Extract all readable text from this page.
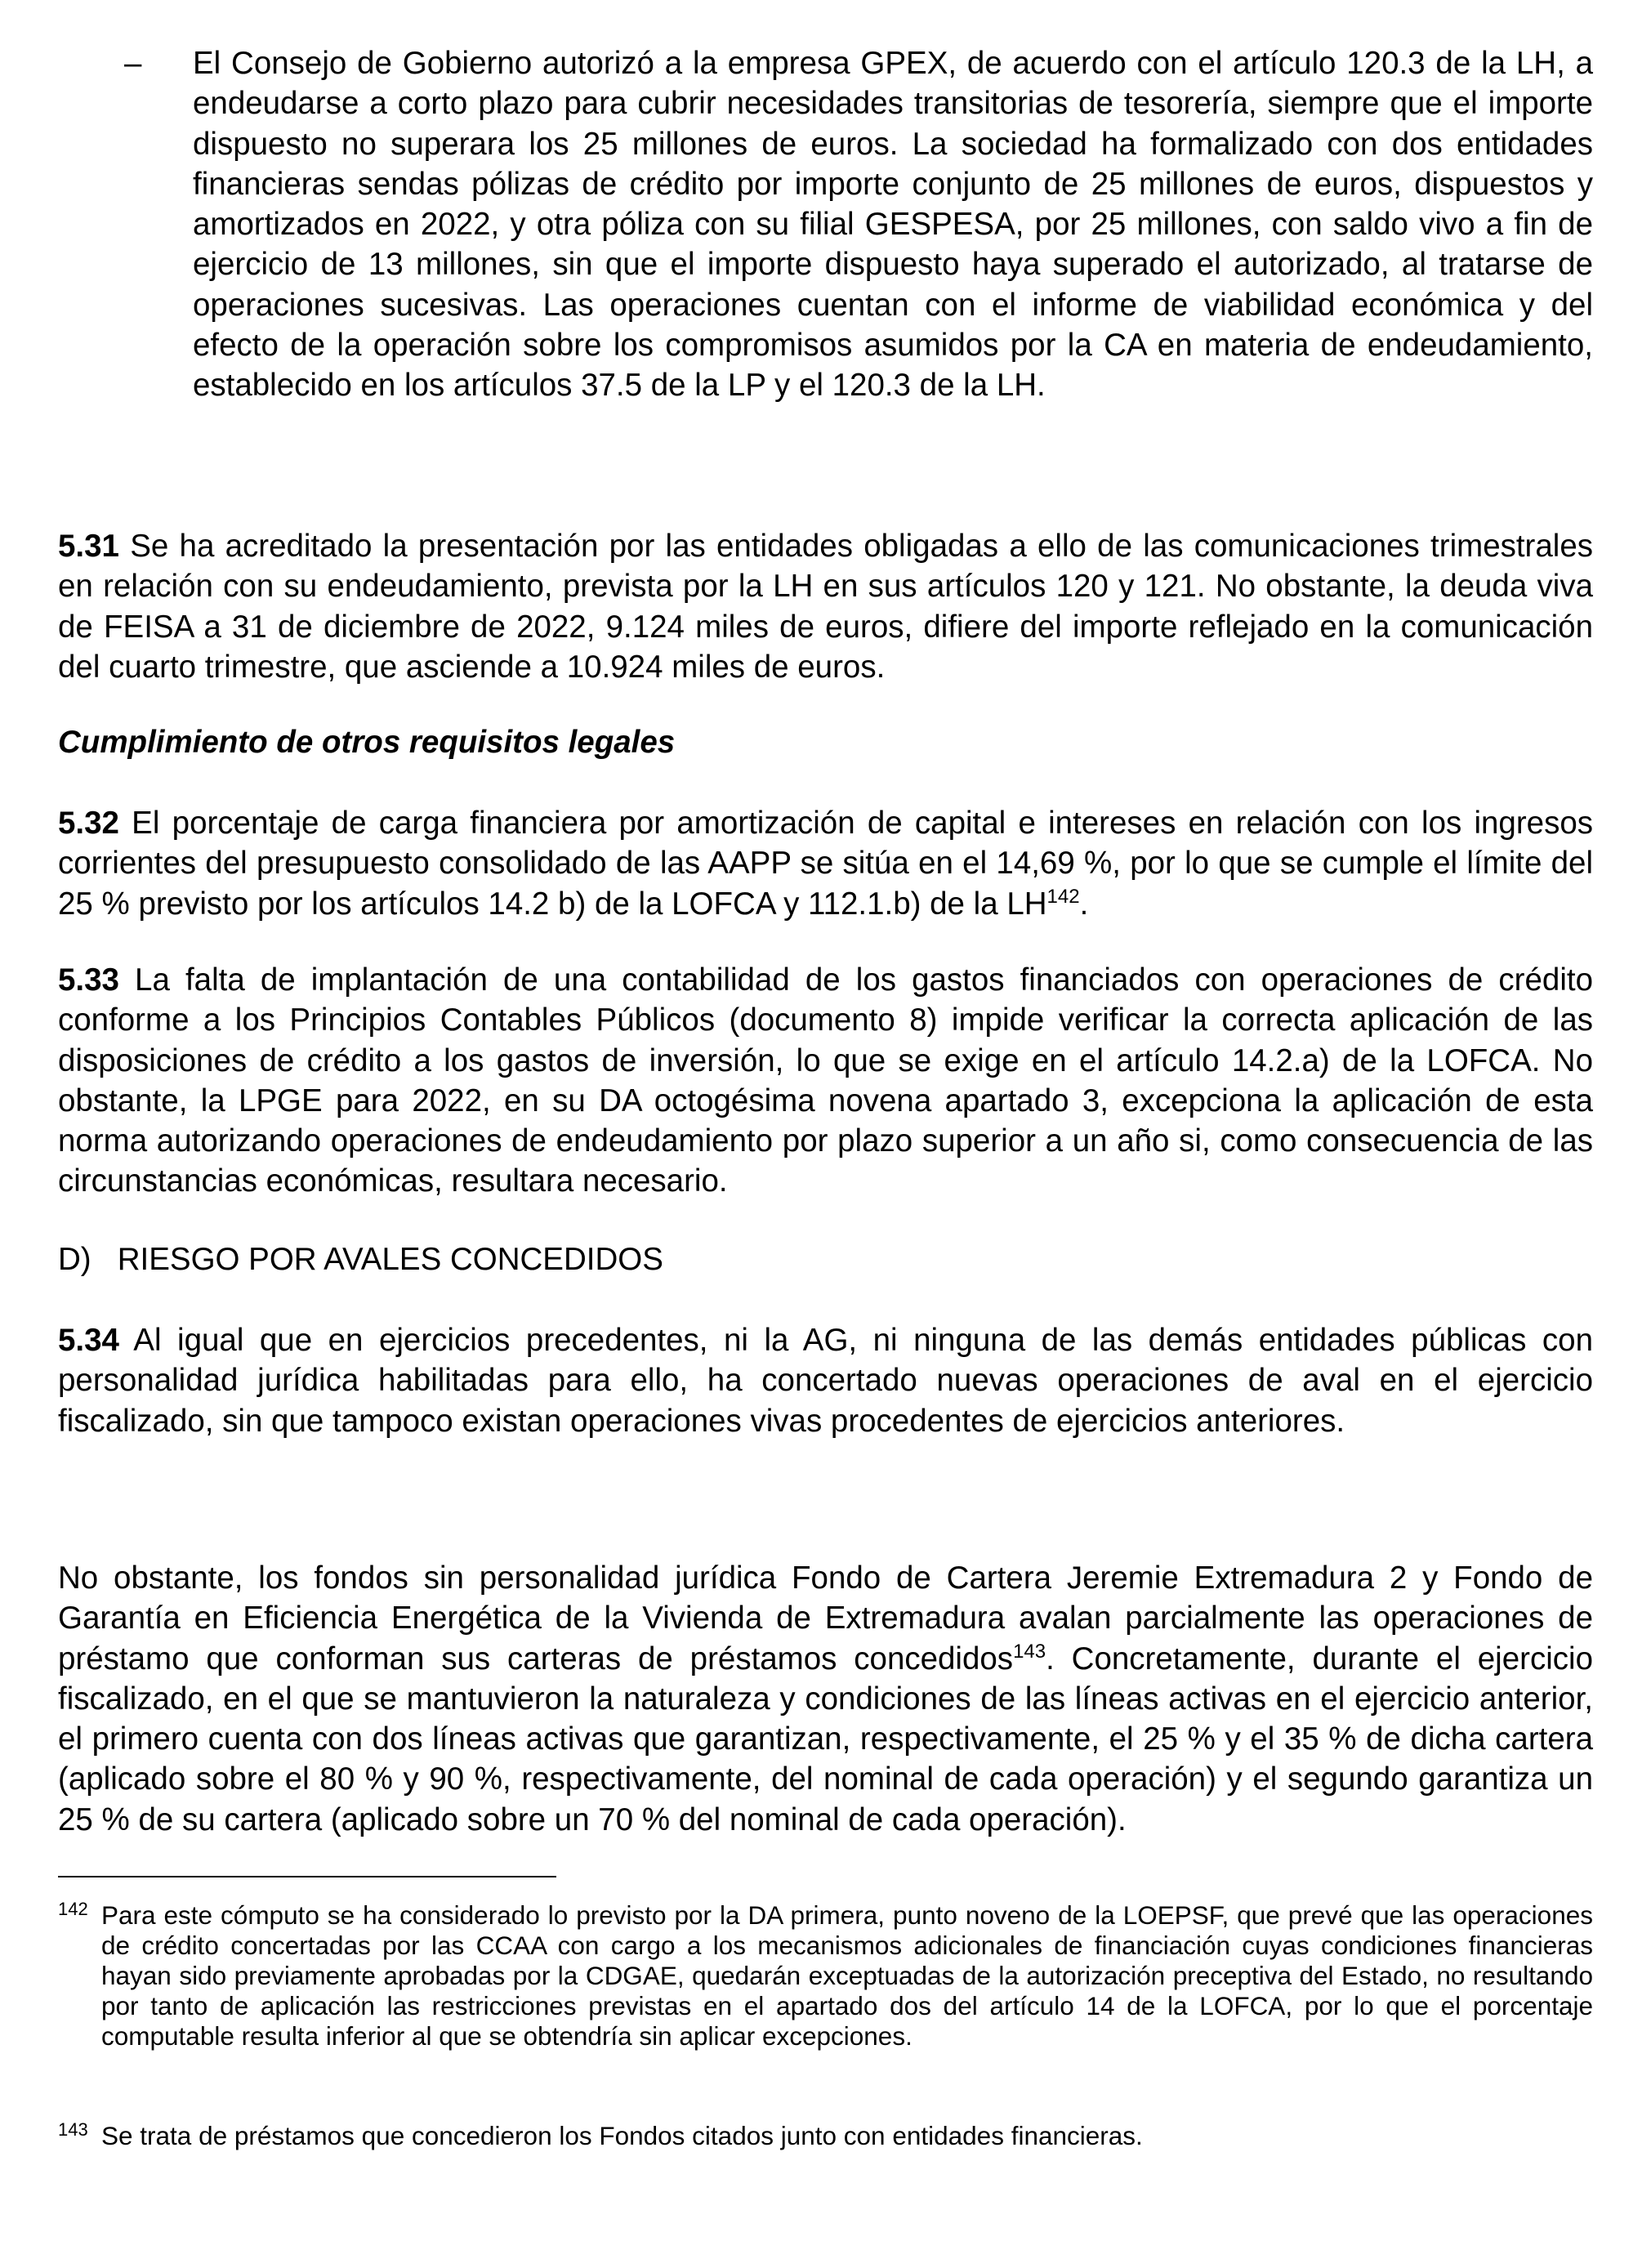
– El Consejo de Gobierno autorizó a la empresa GPEX, de acuerdo con el artículo 120.3 de la LH, a endeudarse a corto plazo para cubrir necesidades transitorias de tesorería, siempre que el importe dispuesto no superara los 25 millones de euros. La sociedad ha formalizado con dos entidades financieras sendas pólizas de crédito por importe conjunto de 25 millones de euros, dispuestos y amortizados en 2022, y otra póliza con su filial GESPESA, por 25 millones, con saldo vivo a fin de ejercicio de 13 millones, sin que el importe dispuesto haya superado el autorizado, al tratarse de operaciones sucesivas. Las operaciones cuentan con el informe de viabilidad económica y del efecto de la operación sobre los compromisos asumidos por la CA en materia de endeudamiento, establecido en los artículos 37.5 de la LP y el 120.3 de la LH.

5.31 Se ha acreditado la presentación por las entidades obligadas a ello de las comunicaciones trimestrales en relación con su endeudamiento, prevista por la LH en sus artículos 120 y 121. No obstante, la deuda viva de FEISA a 31 de diciembre de 2022, 9.124 miles de euros, difiere del importe reflejado en la comunicación del cuarto trimestre, que asciende a 10.924 miles de euros.

Cumplimiento de otros requisitos legales

5.32 El porcentaje de carga financiera por amortización de capital e intereses en relación con los ingresos corrientes del presupuesto consolidado de las AAPP se sitúa en el 14,69 %, por lo que se cumple el límite del 25 % previsto por los artículos 14.2 b) de la LOFCA y 112.1.b) de la LH$^{142}$.

5.33 La falta de implantación de una contabilidad de los gastos financiados con operaciones de crédito conforme a los Principios Contables Públicos (documento 8) impide verificar la correcta aplicación de las disposiciones de crédito a los gastos de inversión, lo que se exige en el artículo 14.2.a) de la LOFCA. No obstante, la LPGE para 2022, en su DA octogésima novena apartado 3, excepciona la aplicación de esta norma autorizando operaciones de endeudamiento por plazo superior a un año si, como consecuencia de las circunstancias económicas, resultara necesario.

D)   RIESGO POR AVALES CONCEDIDOS

5.34 Al igual que en ejercicios precedentes, ni la AG, ni ninguna de las demás entidades públicas con personalidad jurídica habilitadas para ello, ha concertado nuevas operaciones de aval en el ejercicio fiscalizado, sin que tampoco existan operaciones vivas procedentes de ejercicios anteriores.

No obstante, los fondos sin personalidad jurídica Fondo de Cartera Jeremie Extremadura 2 y Fondo de Garantía en Eficiencia Energética de la Vivienda de Extremadura avalan parcialmente las operaciones de préstamo que conforman sus carteras de préstamos concedidos$^{143}$. Concretamente, durante el ejercicio fiscalizado, en el que se mantuvieron la naturaleza y condiciones de las líneas activas en el ejercicio anterior, el primero cuenta con dos líneas activas que garantizan, respectivamente, el 25 % y el 35 % de dicha cartera (aplicado sobre el 80 % y 90 %, respectivamente, del nominal de cada operación) y el segundo garantiza un 25 % de su cartera (aplicado sobre un 70 % del nominal de cada operación).

142 Para este cómputo se ha considerado lo previsto por la DA primera, punto noveno de la LOEPSF, que prevé que las operaciones de crédito concertadas por las CCAA con cargo a los mecanismos adicionales de financiación cuyas condiciones financieras hayan sido previamente aprobadas por la CDGAE, quedarán exceptuadas de la autorización preceptiva del Estado, no resultando por tanto de aplicación las restricciones previstas en el apartado dos del artículo 14 de la LOFCA, por lo que el porcentaje computable resulta inferior al que se obtendría sin aplicar excepciones.

143 Se trata de préstamos que concedieron los Fondos citados junto con entidades financieras.
